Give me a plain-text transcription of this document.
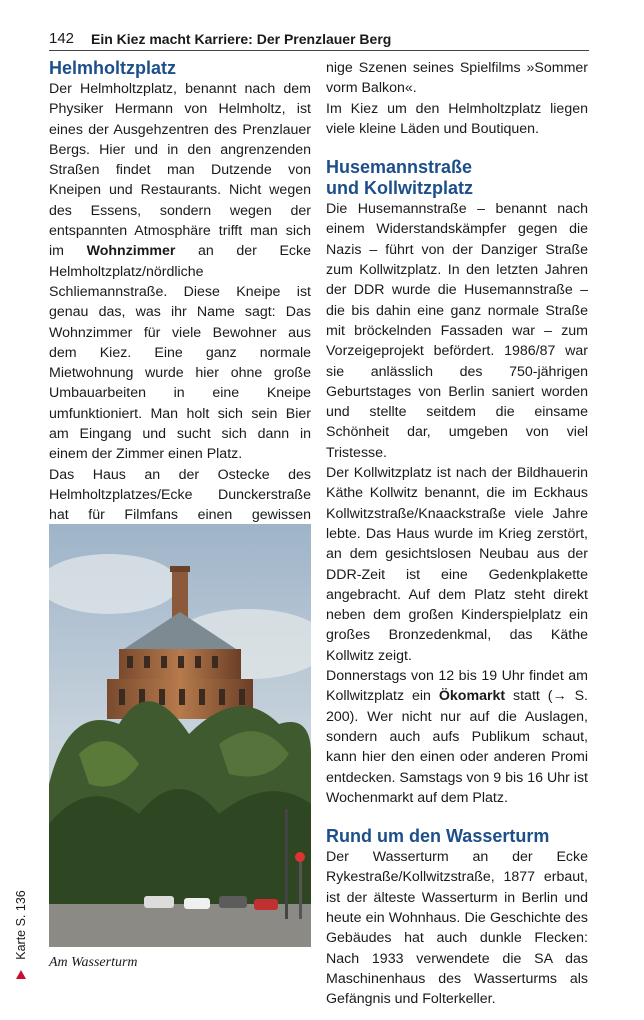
142 Ein Kiez macht Karriere: Der Prenzlauer Berg
Helmholtzplatz

Der Helmholtzplatz, benannt nach dem Physiker Hermann von Helmholtz, ist eines der Ausgehzentren des Prenzlauer Bergs. Hier und in den angrenzenden Straßen findet man Dutzende von Kneipen und Restaurants. Nicht wegen des Essens, sondern wegen der entspannten Atmosphäre trifft man sich im Wohnzimmer an der Ecke Helmholtzplatz/nördliche Schliemannstraße. Diese Kneipe ist genau das, was ihr Name sagt: Das Wohnzimmer für viele Bewohner aus dem Kiez. Eine ganz normale Mietwohnung wurde hier ohne große Umbauarbeiten in eine Kneipe umfunktioniert. Man holt sich sein Bier am Eingang und sucht sich dann in einem der Zimmer einen Platz.

Das Haus an der Ostecke des Helmholtzplatzes/Ecke Dunckerstraße hat für Filmfans einen gewissen

Am Wasserturm
Karte S. 136

nige Szenen seines Spielfilms »Sommer vorm Balkon«.

Im Kiez um den Helmholtzplatz liegen viele kleine Läden und Boutiquen.

Husemannstraße
und Kollwitzplatz

Die Husemannstraße – benannt nach einem Widerstandskämpfer gegen die Nazis – führt von der Danziger Straße zum Kollwitzplatz. In den letzten Jahren der DDR wurde die Husemannstraße – die bis dahin eine ganz normale Straße mit bröckelnden Fassaden war – zum Vorzeigeprojekt befördert. 1986/87 war sie anlässlich des 750-jährigen Geburtstages von Berlin saniert worden und stellte seitdem die einsame Schönheit dar, umgeben von viel Tristesse.

Der Kollwitzplatz ist nach der Bildhauerin Käthe Kollwitz benannt, die im Eckhaus Kollwitzstraße/Knaackstraße viele Jahre lebte. Das Haus wurde im Krieg zerstört, an dem gesichtslosen Neubau aus der DDR-Zeit ist eine Gedenkplakette angebracht. Auf dem Platz steht direkt neben dem großen Kinderspielplatz ein großes Bronzedenkmal, das Käthe Kollwitz zeigt.

Donnerstags von 12 bis 19 Uhr findet am Kollwitzplatz ein Ökomarkt statt (→ S. 200). Wer nicht nur auf die Auslagen, sondern auch aufs Publikum schaut, kann hier den einen oder anderen Promi entdecken. Samstags von 9 bis 16 Uhr ist Wochenmarkt auf dem Platz.

Rund um den Wasserturm

Der Wasserturm an der Ecke Rykestraße/Kollwitzstraße, 1877 erbaut, ist der älteste Wasserturm in Berlin und heute ein Wohnhaus. Die Geschichte des Gebäudes hat auch dunkle Flecken: Nach 1933 verwendete die SA das Maschinenhaus des Wasserturms als Gefängnis und Folterkeller.
